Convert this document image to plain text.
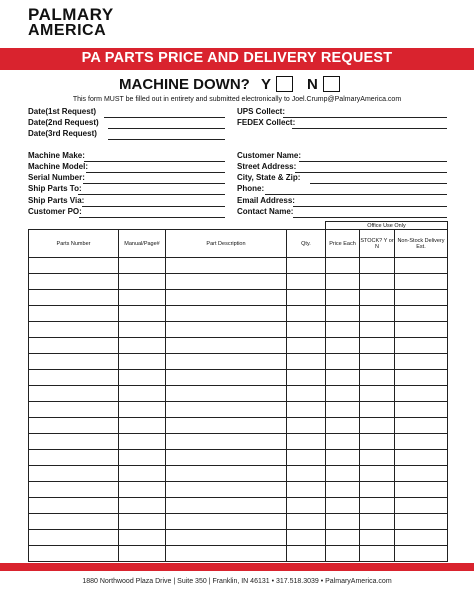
PALMARY
AMERICA
PA PARTS PRICE AND DELIVERY REQUEST
MACHINE DOWN? Y N
This form MUST be filled out in entirety and submitted electronically to Joel.Crump@PalmaryAmerica.com
Date(1st Request)
Date(2nd Request)
Date(3rd Request)
UPS Collect:
FEDEX Collect:
Machine Make:
Machine Model:
Serial Number:
Ship Parts To:
Ship Parts Via:
Customer PO:
Customer Name:
Street Address:
City, State & Zip:
Phone:
Email Address:
Contact Name:
				Office Use Only		
Parts Number	Manual/Page#	Part Description	Qty.	Price Each	STOCK? Y or N	Non-Stock Delivery Est.

1880 Northwood Plaza Drive | Suite 350 | Franklin, IN 46131 • 317.518.3039 • PalmaryAmerica.com
